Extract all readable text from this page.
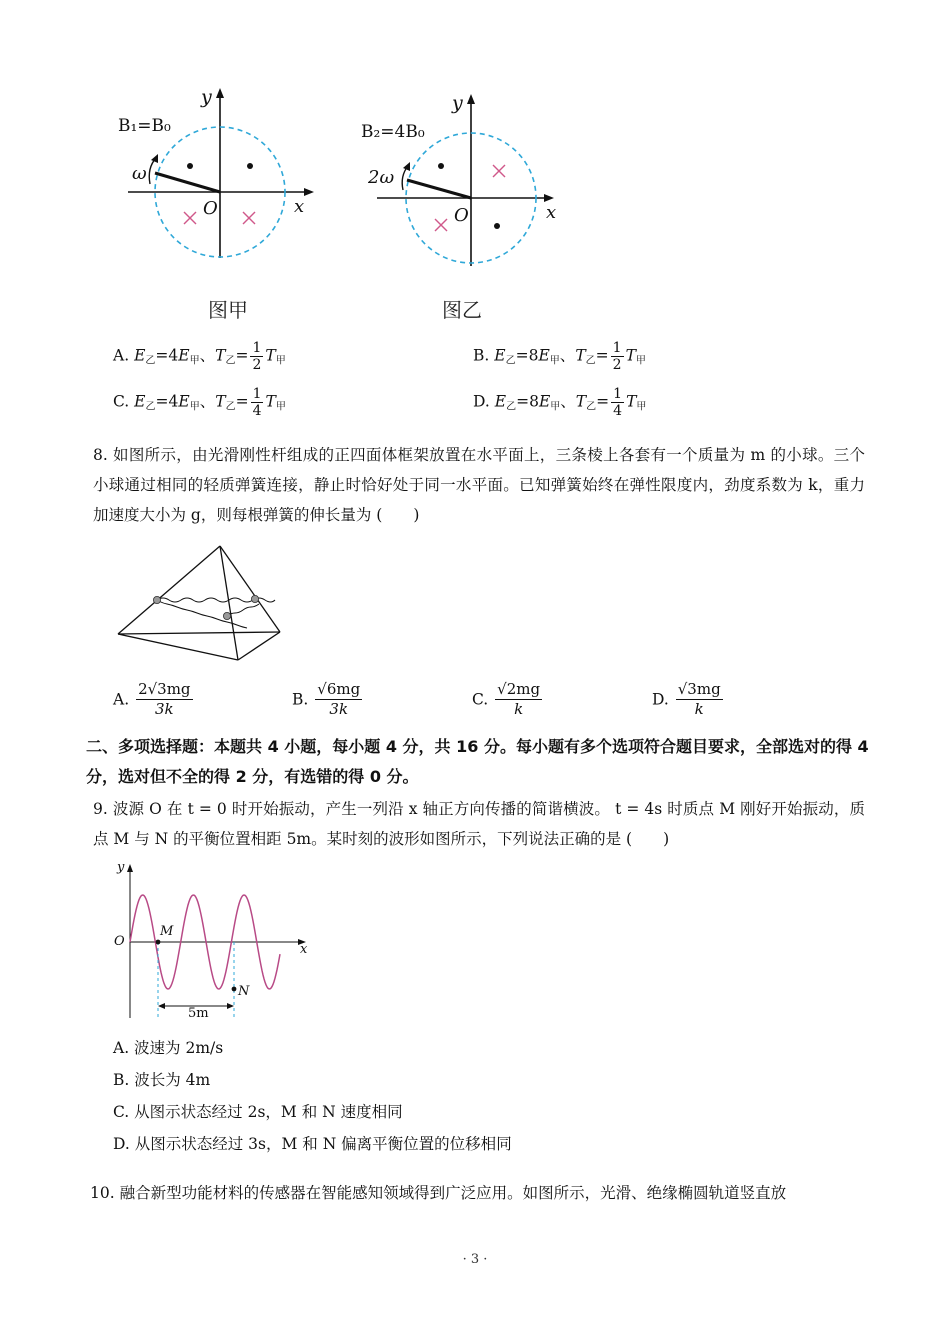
y
B₁=B₀
ω
O	x
图甲
y
B₂=4B₀
2ω
O	x
图乙
A. $E_乙=4E_甲$、$T_乙= \frac{1}{2} T_甲$	B. $E_乙=8E_甲$、$T_乙= \frac{1}{2} T_甲$
C. $E_乙=4E_甲$、$T_乙= \frac{1}{4} T_甲$	D. $E_乙=8E_甲$、$T_乙= \frac{1}{4} T_甲$
8. 如图所示，由光滑刚性杆组成的正四面体框架放置在水平面上，三条棱上各套有一个质量为 m 的小球。三个小球通过相同的轻质弹簧连接，静止时恰好处于同一水平面。已知弹簧始终在弹性限度内，劲度系数为 k，重力加速度大小为 g，则每根弹簧的伸长量为 (　　)
A. $\frac{2√3mg}{3k}$	B. $\frac{√6mg}{3k}$	C. $\frac{√2mg}{k}$	D. $\frac{√3mg}{k}$
二、多项选择题：本题共 4 小题，每小题 4 分，共 16 分。每小题有多个选项符合题目要求，全部选对的得 4 分，选对但不全的得 2 分，有选错的得 0 分。
9. 波源 O 在 t = 0 时开始振动，产生一列沿 x 轴正方向传播的简谐横波。 t = 4s 时质点 M 刚好开始振动，质点 M 与 N 的平衡位置相距 5m。某时刻的波形如图所示，下列说法正确的是 (　　)
y
O
x
M
N
5m
A. 波速为 2m/s
B. 波长为 4m
C. 从图示状态经过 2s，M 和 N 速度相同
D. 从图示状态经过 3s，M 和 N 偏离平衡位置的位移相同
10. 融合新型功能材料的传感器在智能感知领域得到广泛应用。如图所示，光滑、绝缘椭圆轨道竖直放
· 3 ·
